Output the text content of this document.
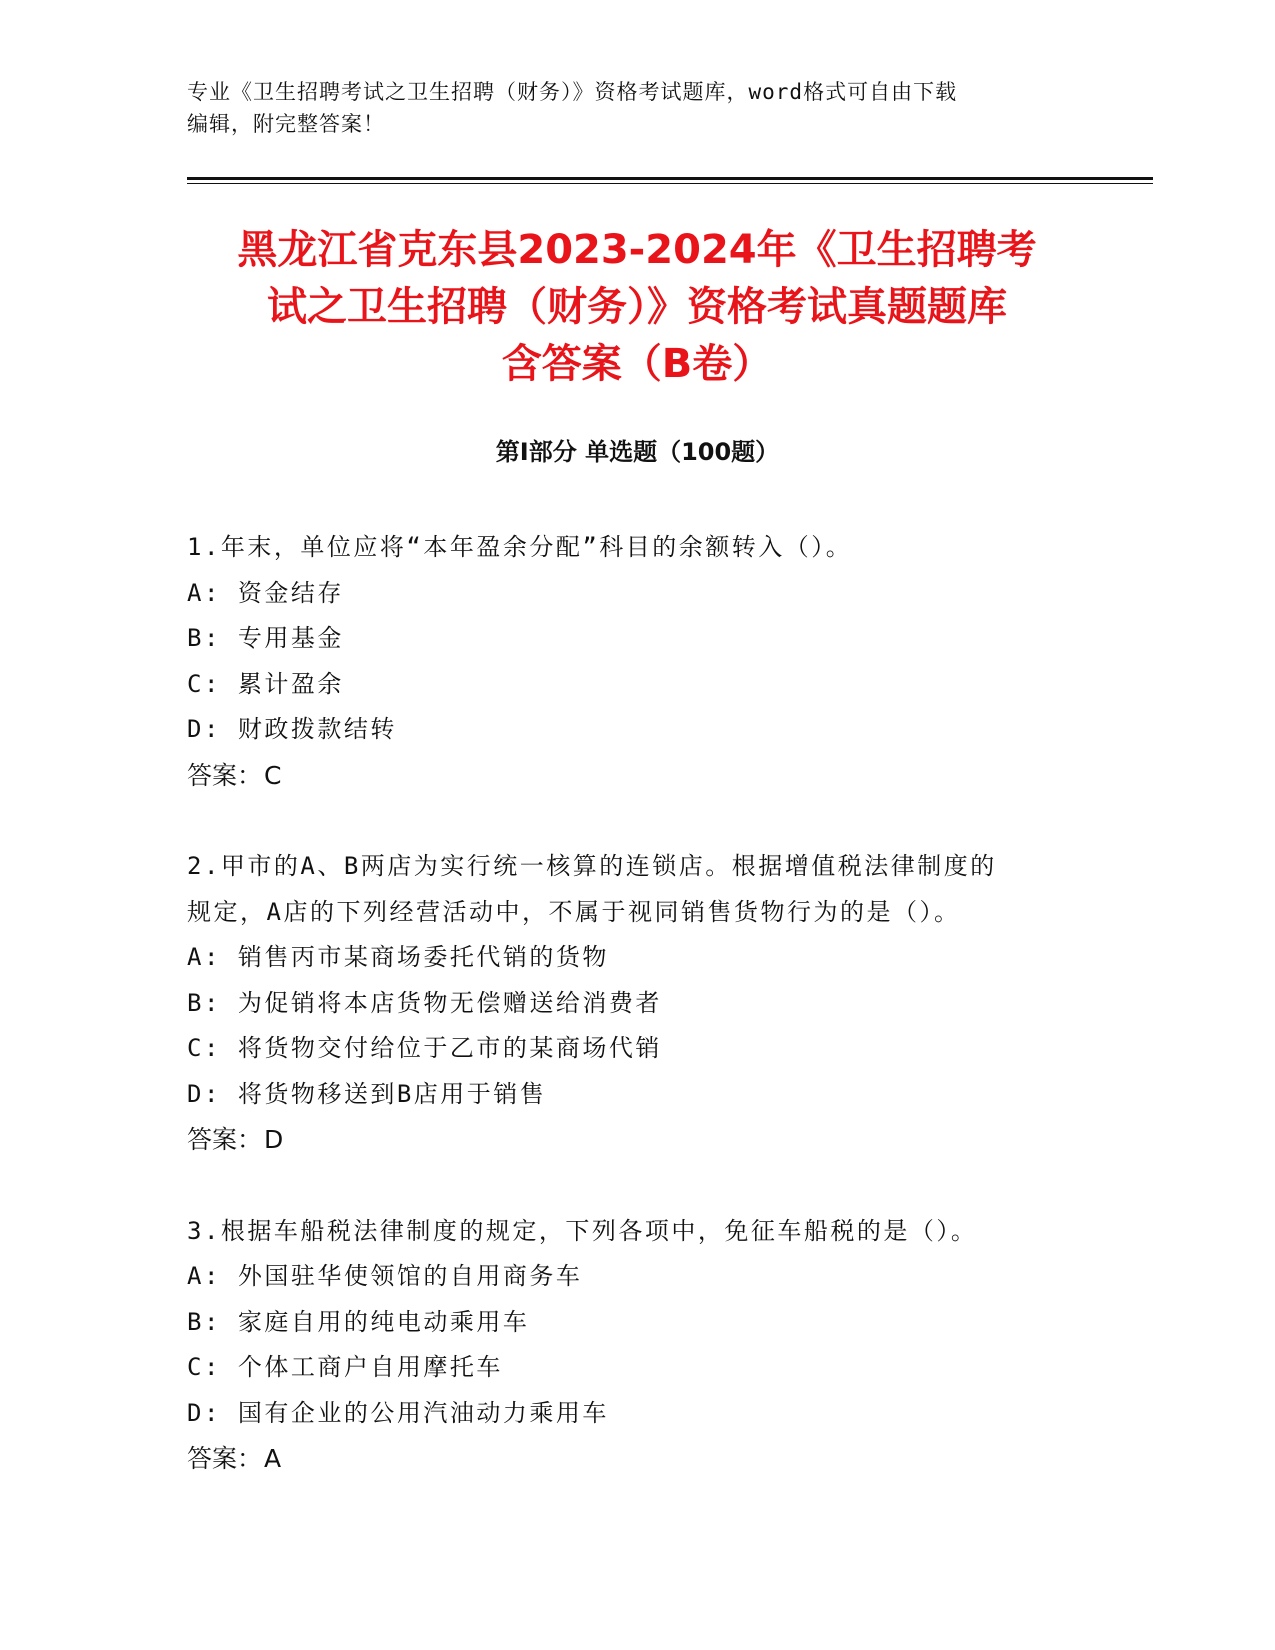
专业《卫生招聘考试之卫生招聘（财务）》资格考试题库，word格式可自由下载
编辑，附完整答案！
黑龙江省克东县2023-2024年《卫生招聘考
试之卫生招聘（财务）》资格考试真题题库
含答案（B卷）
第Ⅰ部分 单选题（100题）
1.年末，单位应将“本年盈余分配”科目的余额转入（）。
A: 资金结存
B: 专用基金
C: 累计盈余
D: 财政拨款结转
答案：C
2.甲市的A、B两店为实行统一核算的连锁店。根据增值税法律制度的
规定，A店的下列经营活动中，不属于视同销售货物行为的是（）。
A: 销售丙市某商场委托代销的货物
B: 为促销将本店货物无偿赠送给消费者
C: 将货物交付给位于乙市的某商场代销
D: 将货物移送到B店用于销售
答案：D
3.根据车船税法律制度的规定，下列各项中，免征车船税的是（）。
A: 外国驻华使领馆的自用商务车
B: 家庭自用的纯电动乘用车
C: 个体工商户自用摩托车
D: 国有企业的公用汽油动力乘用车
答案：A
